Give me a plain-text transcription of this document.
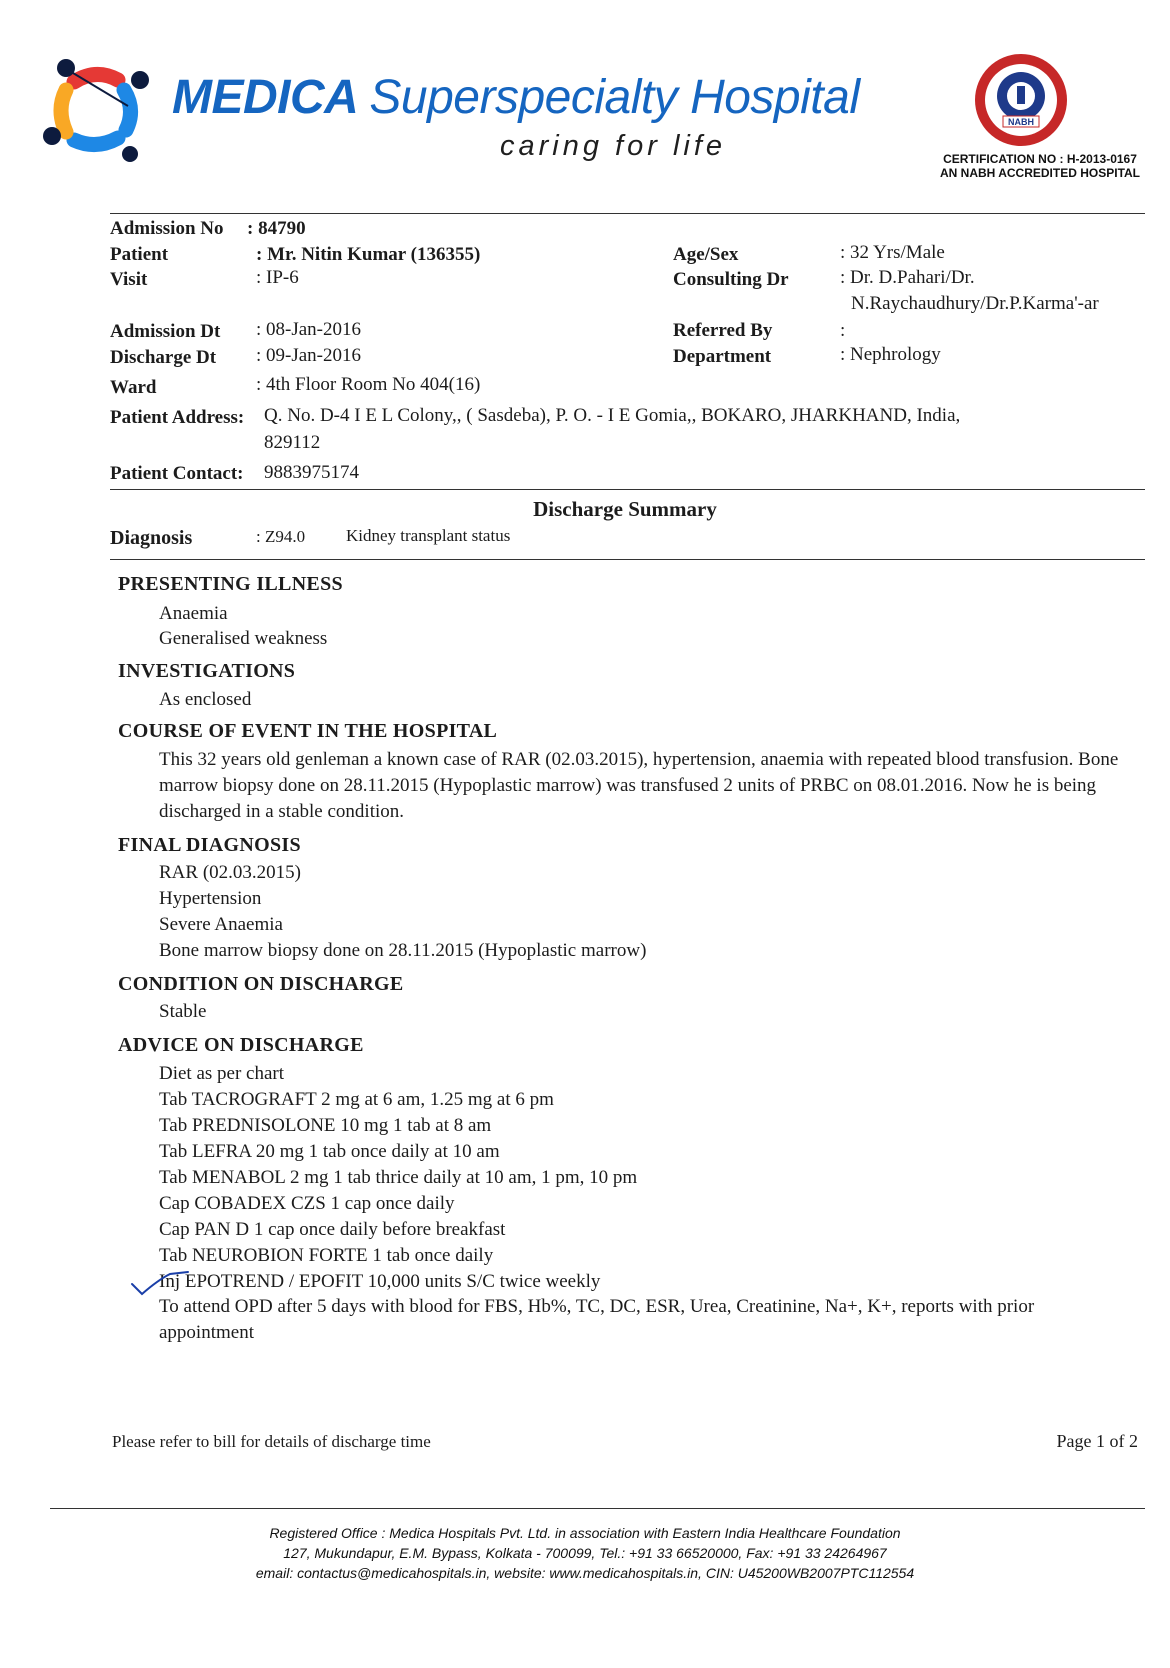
MEDICA Superspecialty Hospital
caring for life
NABH
CERTIFICATION NO : H-2013-0167
AN NABH ACCREDITED HOSPITAL
Admission No : 84790
Patient	: Mr. Nitin Kumar (136355)	Age/Sex	: 32 Yrs/Male
Visit	: IP-6	Consulting Dr	: Dr. D.Pahari/Dr.
N.Raychaudhury/Dr.P.Karma'-ar
Admission Dt : 08-Jan-2016	Referred By	:
Discharge Dt : 09-Jan-2016	Department	: Nephrology
Ward	: 4th Floor Room No 404(16)
Patient Address: Q. No. D-4 I E L Colony,, ( Sasdeba), P. O. - I E Gomia,, BOKARO, JHARKHAND, India,
829112
Patient Contact: 9883975174
Discharge Summary
Diagnosis	: Z94.0 Kidney transplant status
PRESENTING ILLNESS
Anaemia
Generalised weakness
INVESTIGATIONS
As enclosed
COURSE OF EVENT IN THE HOSPITAL
This 32 years old genleman a known case of RAR (02.03.2015), hypertension, anaemia with repeated blood transfusion. Bone marrow biopsy done on 28.11.2015 (Hypoplastic marrow) was transfused 2 units of PRBC on 08.01.2016. Now he is being discharged in a stable condition.
FINAL DIAGNOSIS
RAR (02.03.2015)
Hypertension
Severe Anaemia
Bone marrow biopsy done on 28.11.2015 (Hypoplastic marrow)
CONDITION ON DISCHARGE
Stable
ADVICE ON DISCHARGE
Diet as per chart
Tab TACROGRAFT 2 mg at 6 am, 1.25 mg at 6 pm
Tab PREDNISOLONE 10 mg 1 tab at 8 am
Tab LEFRA 20 mg 1 tab once daily at 10 am
Tab MENABOL 2 mg 1 tab thrice daily at 10 am, 1 pm, 10 pm
Cap COBADEX CZS 1 cap once daily
Cap PAN D 1 cap once daily before breakfast
Tab NEUROBION FORTE 1 tab once daily
Inj EPOTREND / EPOFIT 10,000 units S/C twice weekly
To attend OPD after 5 days with blood for FBS, Hb%, TC, DC, ESR, Urea, Creatinine, Na+, K+, reports with prior appointment
Please refer to bill for details of discharge time	Page 1 of 2
Registered Office : Medica Hospitals Pvt. Ltd. in association with Eastern India Healthcare Foundation
127, Mukundapur, E.M. Bypass, Kolkata - 700099, Tel.: +91 33 66520000, Fax: +91 33 24264967
email: contactus@medicahospitals.in, website: www.medicahospitals.in, CIN: U45200WB2007PTC112554
